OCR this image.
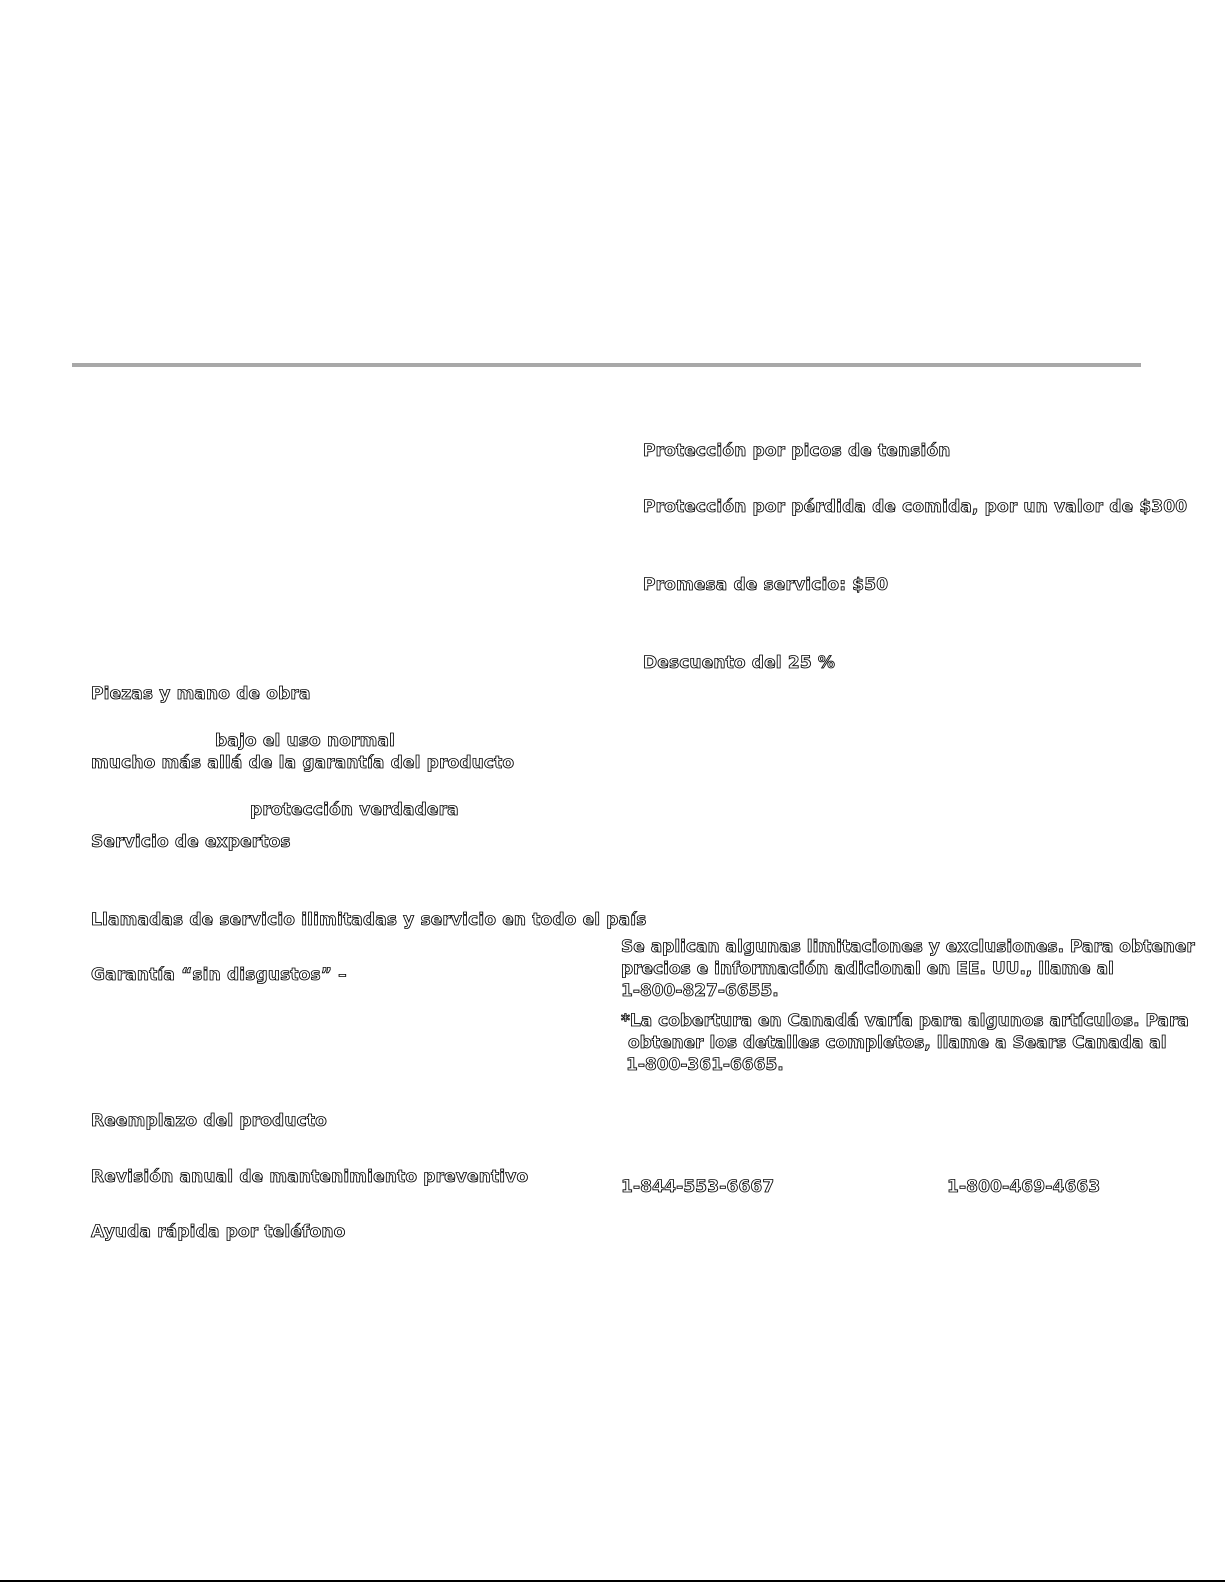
Piezas y mano de obra
bajo el uso normal
mucho más allá de la garantía del producto
protección verdadera
Servicio de expertos
Llamadas de servicio ilimitadas y servicio en todo el país
Garantía “sin disgustos” –
Reemplazo del producto
Revisión anual de mantenimiento preventivo
Ayuda rápida por teléfono
Protección por picos de tensión
Protección por pérdida de comida, por un valor de $300
Promesa de servicio: $50
Descuento del 25 %
Se aplican algunas limitaciones y exclusiones. Para obtener
precios e información adicional en EE. UU., llame al
1-800-827-6655.
*La cobertura en Canadá varía para algunos artículos. Para
obtener los detalles completos, llame a Sears Canada al
1-800-361-6665.
1-844-553-6667	1-800-469-4663
